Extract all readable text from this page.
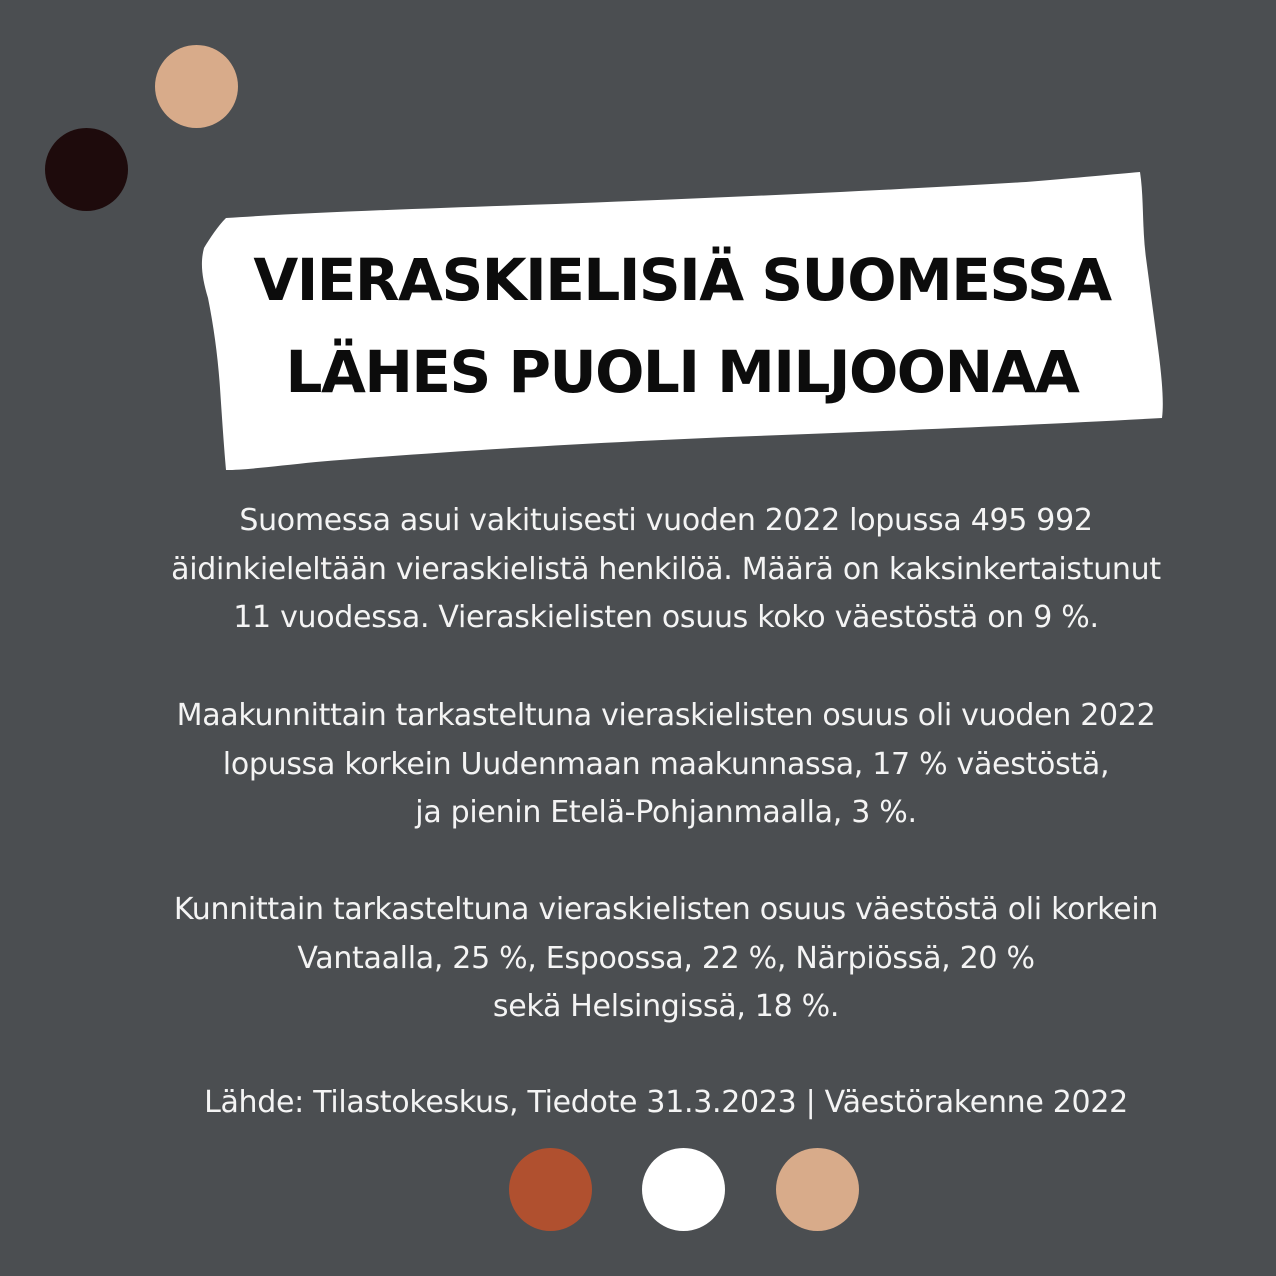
VIERASKIELISIÄ SUOMESSA
LÄHES PUOLI MILJOONAA

Suomessa asui vakituisesti vuoden 2022 lopussa 495 992
äidinkieleltään vieraskielistä henkilöä. Määrä on kaksinkertaistunut
11 vuodessa. Vieraskielisten osuus koko väestöstä on 9 %.

Maakunnittain tarkasteltuna vieraskielisten osuus oli vuoden 2022
lopussa korkein Uudenmaan maakunnassa, 17 % väestöstä,
ja pienin Etelä-Pohjanmaalla, 3 %.

Kunnittain tarkasteltuna vieraskielisten osuus väestöstä oli korkein
Vantaalla, 25 %, Espoossa, 22 %, Närpiössä, 20 %
sekä Helsingissä, 18 %.

Lähde: Tilastokeskus, Tiedote 31.3.2023 | Väestörakenne 2022
